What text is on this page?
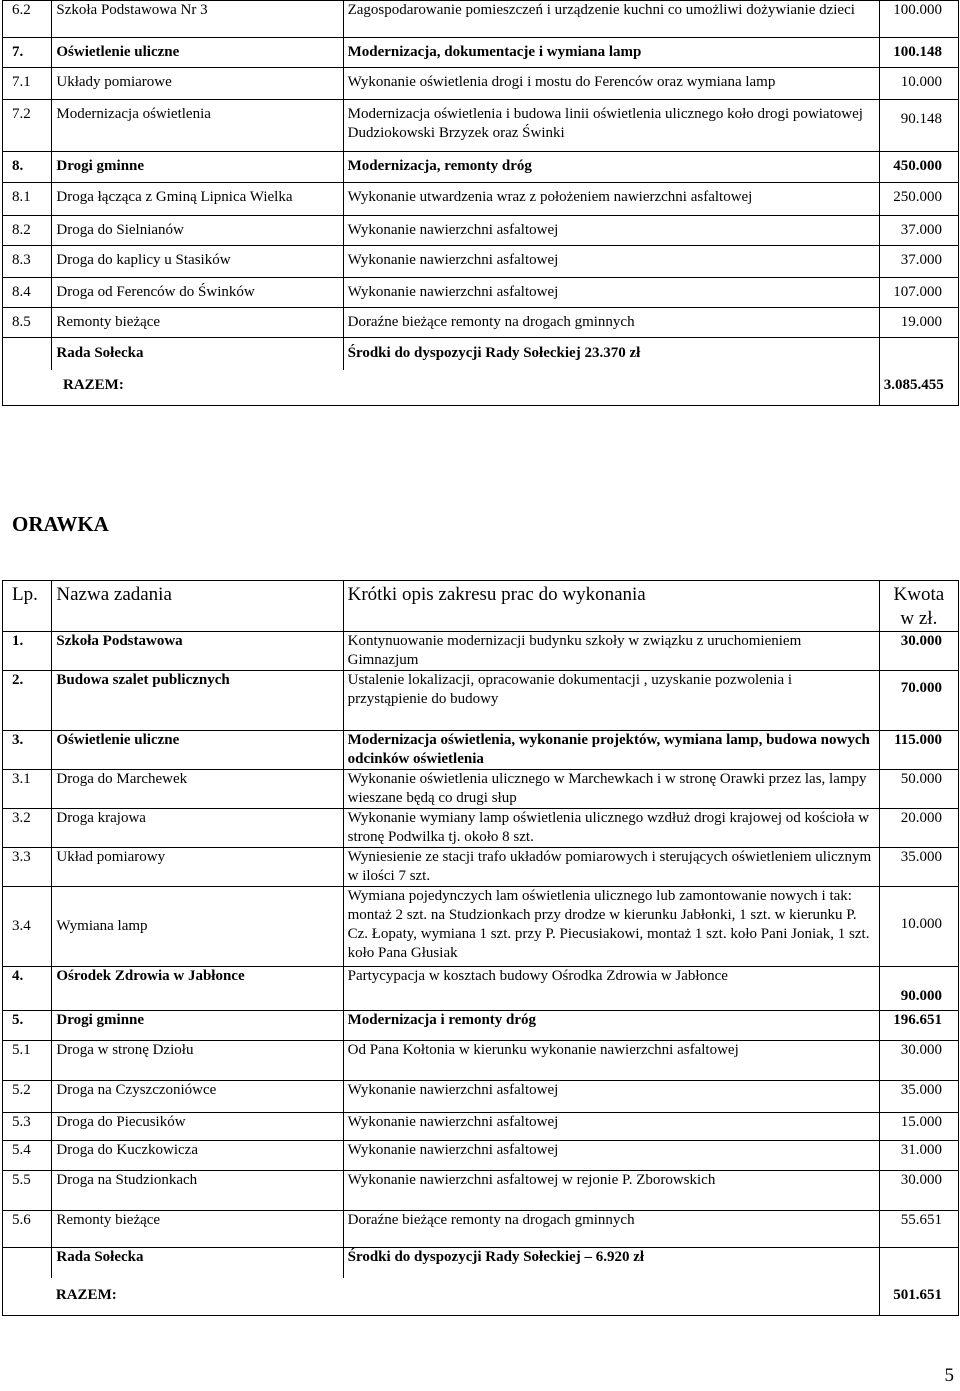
6.2	Szkoła Podstawowa Nr 3	Zagospodarowanie pomieszczeń i urządzenie kuchni co umożliwi dożywianie dzieci	100.000
7.	Oświetlenie uliczne	Modernizacja, dokumentacje i wymiana lamp	100.148
7.1	Układy pomiarowe	Wykonanie oświetlenia drogi i mostu do Ferenców oraz wymiana lamp	10.000
7.2	Modernizacja oświetlenia	Modernizacja oświetlenia i budowa linii oświetlenia ulicznego koło drogi powiatowej Dudziokowski Brzyzek oraz Świnki	90.148
8.	Drogi gminne	Modernizacja, remonty dróg	450.000
8.1	Droga łącząca z Gminą Lipnica Wielka	Wykonanie utwardzenia wraz z położeniem nawierzchni asfaltowej	250.000
8.2	Droga do Sielnianów	Wykonanie nawierzchni asfaltowej	37.000
8.3	Droga do kaplicy u Stasików	Wykonanie nawierzchni asfaltowej	37.000
8.4	Droga od Ferenców do Świnków	Wykonanie nawierzchni asfaltowej	107.000
8.5	Remonty bieżące	Doraźne bieżące remonty na drogach gminnych	19.000
	Rada Sołecka	Środki do dyspozycji Rady Sołeckiej 23.370 zł	
RAZEM:			3.085.455
ORAWKA
Lp.	Nazwa zadania	Krótki opis zakresu prac do wykonania	Kwota
w zł.

1.	Szkoła Podstawowa	Kontynuowanie modernizacji budynku szkoły w związku z uruchomieniem Gimnazjum	30.000
2.	Budowa szalet publicznych	Ustalenie lokalizacji, opracowanie dokumentacji , uzyskanie pozwolenia i przystąpienie do budowy	70.000
3.	Oświetlenie uliczne	Modernizacja oświetlenia, wykonanie projektów, wymiana lamp, budowa nowych odcinków oświetlenia	115.000
3.1	Droga do Marchewek	Wykonanie oświetlenia ulicznego w Marchewkach i w stronę Orawki przez las, lampy wieszane będą co drugi słup	50.000
3.2	Droga krajowa	Wykonanie wymiany lamp oświetlenia ulicznego wzdłuż drogi krajowej od kościoła w stronę Podwilka tj. około 8 szt.	20.000
3.3	Układ pomiarowy	Wyniesienie ze stacji trafo układów pomiarowych i sterujących oświetleniem ulicznym w ilości 7 szt.	35.000
3.4	Wymiana lamp	Wymiana pojedynczych lam oświetlenia ulicznego lub zamontowanie nowych i tak: montaż 2 szt. na Studzionkach przy drodze w kierunku Jabłonki, 1 szt. w kierunku P. Cz. Łopaty, wymiana 1 szt. przy P. Piecusiakowi, montaż 1 szt. koło Pani Joniak, 1 szt. koło Pana Głusiak	10.000
4.	Ośrodek Zdrowia w Jabłonce	Partycypacja w kosztach budowy Ośrodka Zdrowia w Jabłonce	90.000
5.	Drogi gminne	Modernizacja i remonty dróg	196.651
5.1	Droga w stronę Dziołu	Od Pana Kołtonia w kierunku wykonanie nawierzchni asfaltowej	30.000
5.2	Droga na Czyszczoniówce	Wykonanie nawierzchni asfaltowej	35.000
5.3	Droga do Piecusików	Wykonanie nawierzchni asfaltowej	15.000
5.4	Droga do Kuczkowicza	Wykonanie nawierzchni asfaltowej	31.000
5.5	Droga na Studzionkach	Wykonanie nawierzchni asfaltowej w rejonie P. Zborowskich	30.000
5.6	Remonty bieżące	Doraźne bieżące remonty na drogach gminnych	55.651
	Rada Sołecka	Środki do dyspozycji Rady Sołeckiej – 6.920 zł	
	RAZEM:		501.651
5
